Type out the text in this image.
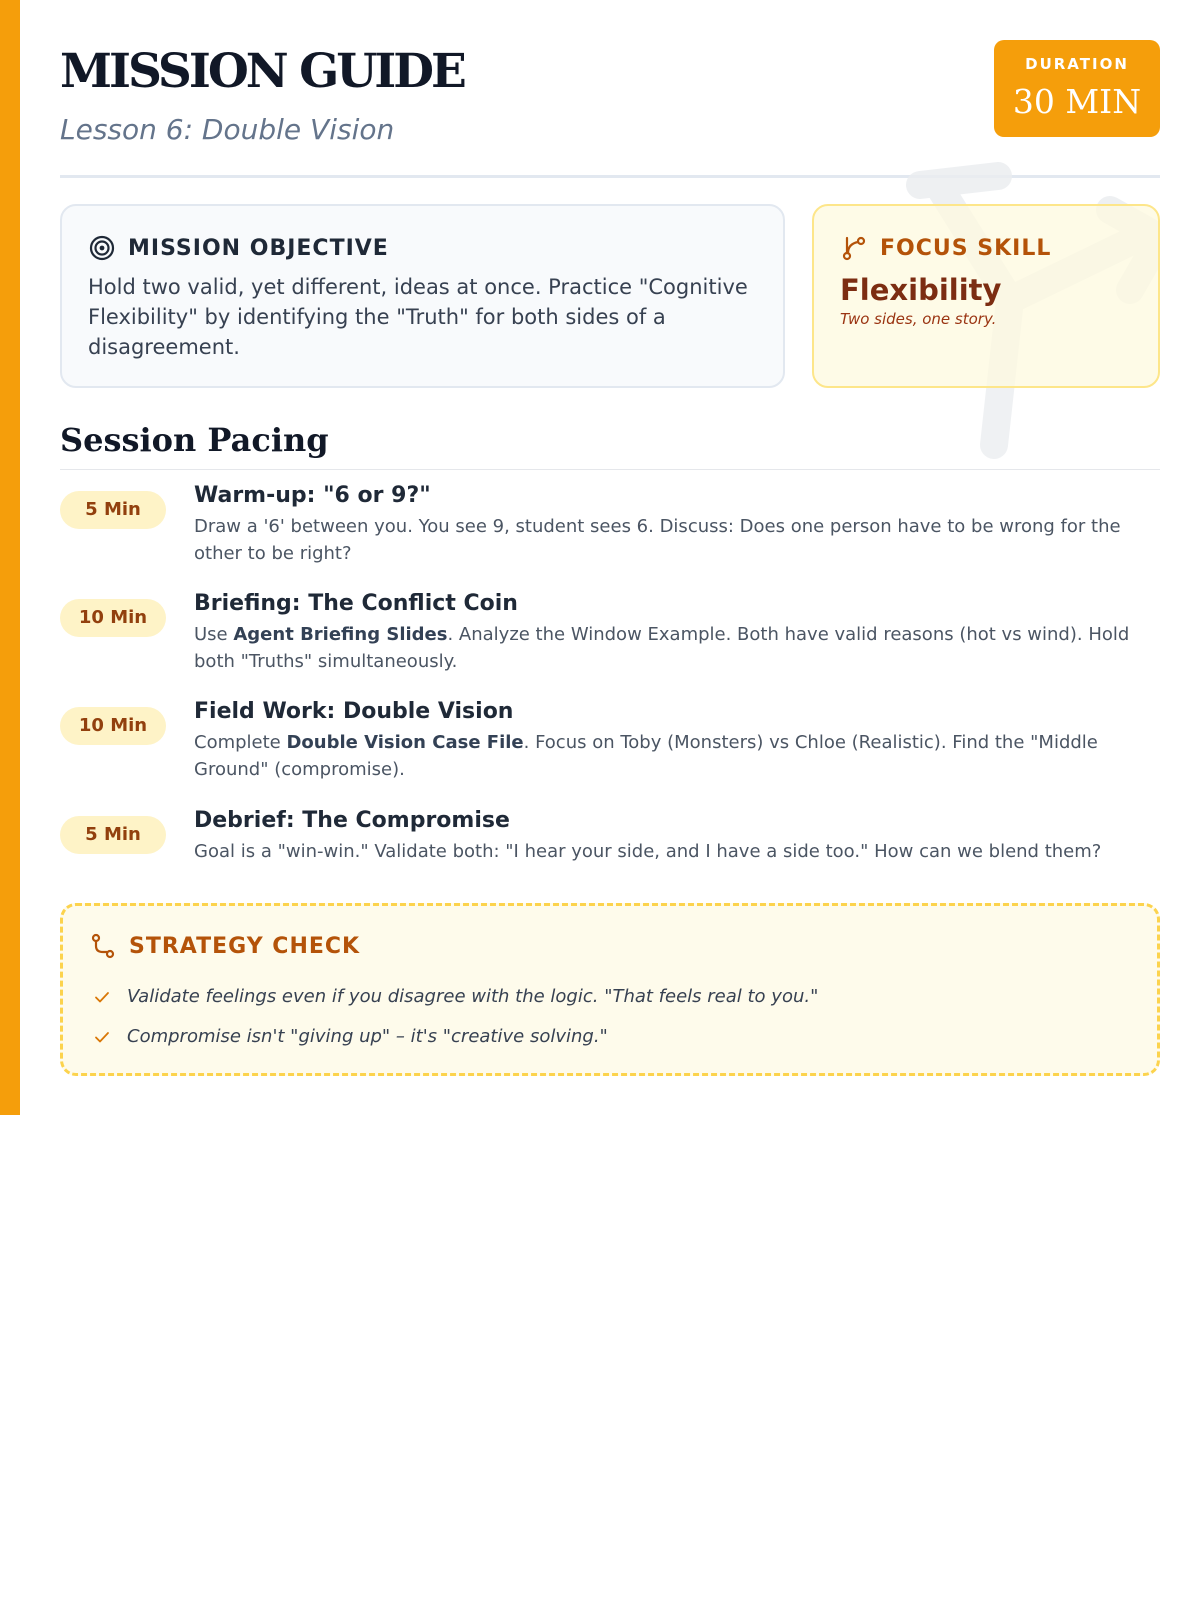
MISSION GUIDE
Lesson 6: Double Vision
DURATION
30 MIN
MISSION OBJECTIVE
Hold two valid, yet different, ideas at once. Practice "Cognitive Flexibility" by identifying the "Truth" for both sides of a disagreement.
FOCUS SKILL
Flexibility
Two sides, one story.
Session Pacing
5 Min
Warm-up: "6 or 9?"
Draw a '6' between you. You see 9, student sees 6. Discuss: Does one person have to be wrong for the other to be right?
10 Min
Briefing: The Conflict Coin
Use Agent Briefing Slides. Analyze the Window Example. Both have valid reasons (hot vs wind). Hold both "Truths" simultaneously.
10 Min
Field Work: Double Vision
Complete Double Vision Case File. Focus on Toby (Monsters) vs Chloe (Realistic). Find the "Middle Ground" (compromise).
5 Min
Debrief: The Compromise
Goal is a "win-win." Validate both: "I hear your side, and I have a side too." How can we blend them?
STRATEGY CHECK
Validate feelings even if you disagree with the logic. "That feels real to you."
Compromise isn't "giving up" – it's "creative solving."
